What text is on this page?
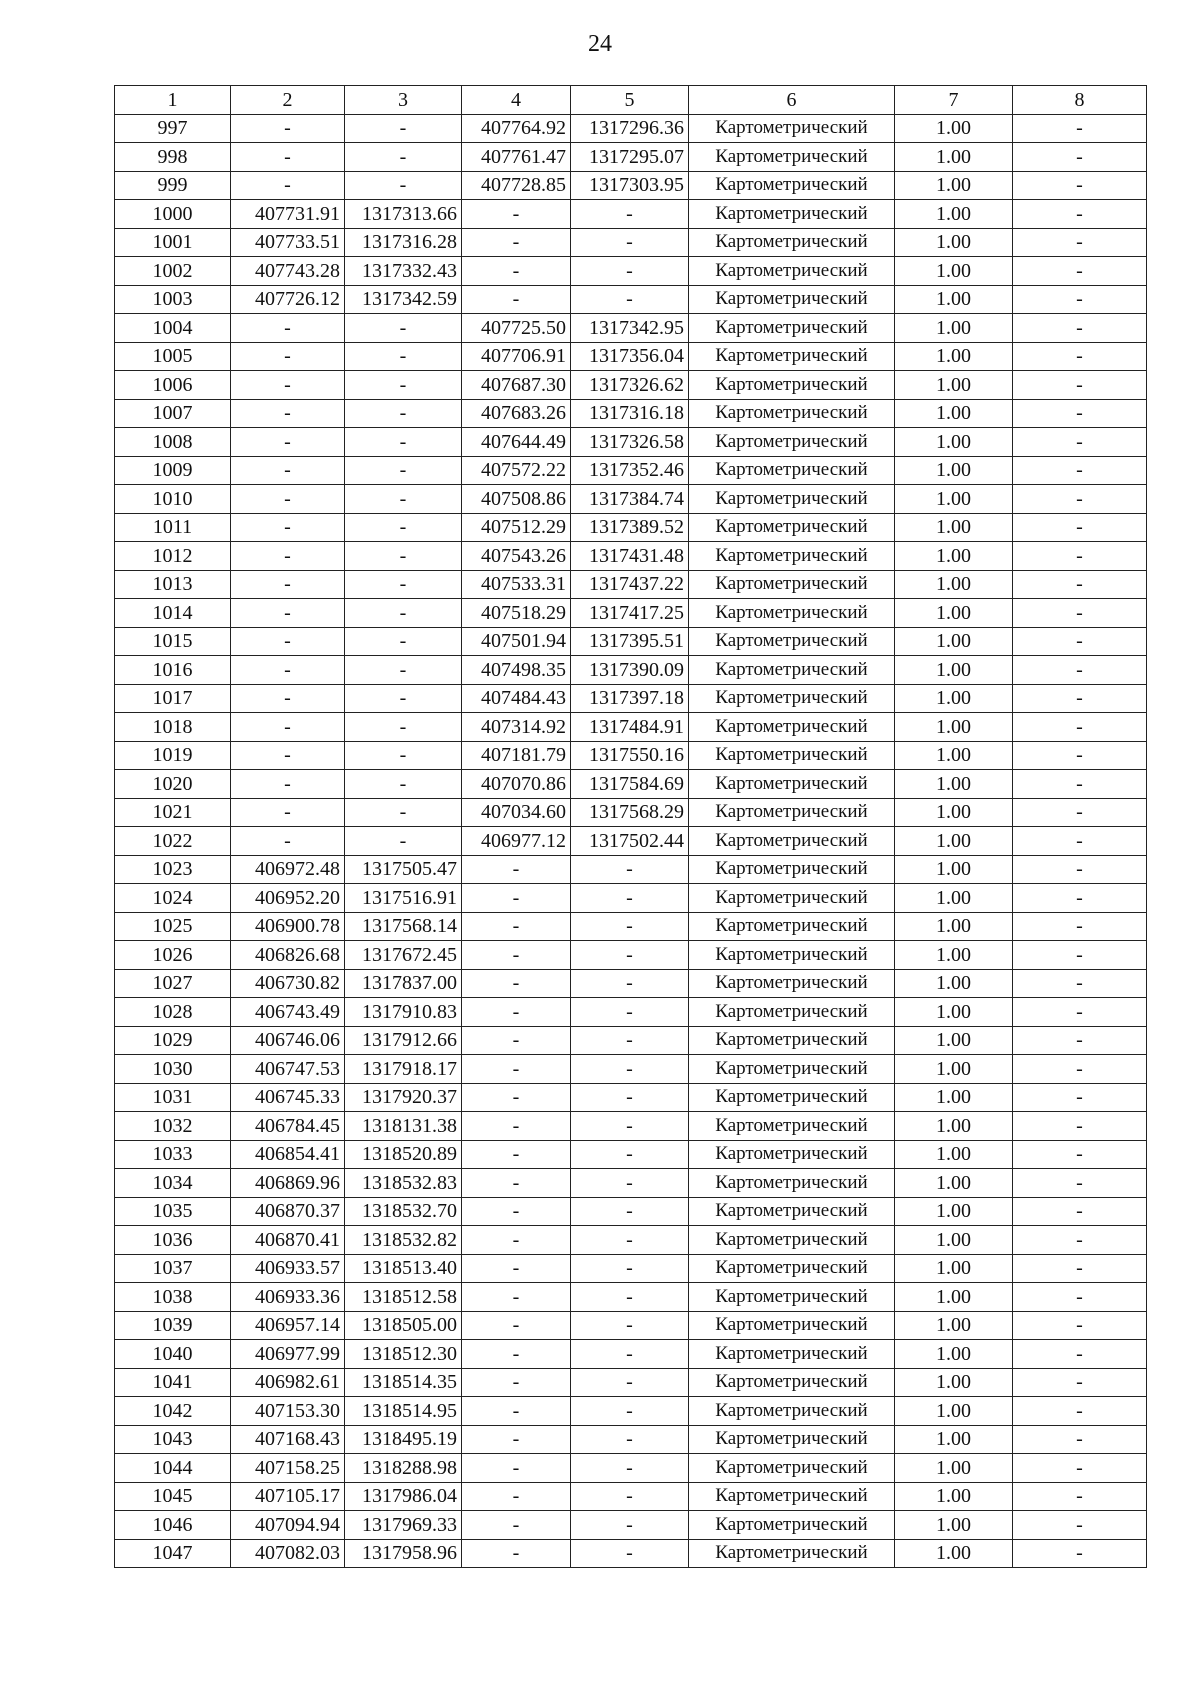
24
1	2	3	4	5	6	7	8
997	-	-	407764.92	1317296.36	Картометрический	1.00	-
998	-	-	407761.47	1317295.07	Картометрический	1.00	-
999	-	-	407728.85	1317303.95	Картометрический	1.00	-
1000	407731.91	1317313.66	-	-	Картометрический	1.00	-
1001	407733.51	1317316.28	-	-	Картометрический	1.00	-
1002	407743.28	1317332.43	-	-	Картометрический	1.00	-
1003	407726.12	1317342.59	-	-	Картометрический	1.00	-
1004	-	-	407725.50	1317342.95	Картометрический	1.00	-
1005	-	-	407706.91	1317356.04	Картометрический	1.00	-
1006	-	-	407687.30	1317326.62	Картометрический	1.00	-
1007	-	-	407683.26	1317316.18	Картометрический	1.00	-
1008	-	-	407644.49	1317326.58	Картометрический	1.00	-
1009	-	-	407572.22	1317352.46	Картометрический	1.00	-
1010	-	-	407508.86	1317384.74	Картометрический	1.00	-
1011	-	-	407512.29	1317389.52	Картометрический	1.00	-
1012	-	-	407543.26	1317431.48	Картометрический	1.00	-
1013	-	-	407533.31	1317437.22	Картометрический	1.00	-
1014	-	-	407518.29	1317417.25	Картометрический	1.00	-
1015	-	-	407501.94	1317395.51	Картометрический	1.00	-
1016	-	-	407498.35	1317390.09	Картометрический	1.00	-
1017	-	-	407484.43	1317397.18	Картометрический	1.00	-
1018	-	-	407314.92	1317484.91	Картометрический	1.00	-
1019	-	-	407181.79	1317550.16	Картометрический	1.00	-
1020	-	-	407070.86	1317584.69	Картометрический	1.00	-
1021	-	-	407034.60	1317568.29	Картометрический	1.00	-
1022	-	-	406977.12	1317502.44	Картометрический	1.00	-
1023	406972.48	1317505.47	-	-	Картометрический	1.00	-
1024	406952.20	1317516.91	-	-	Картометрический	1.00	-
1025	406900.78	1317568.14	-	-	Картометрический	1.00	-
1026	406826.68	1317672.45	-	-	Картометрический	1.00	-
1027	406730.82	1317837.00	-	-	Картометрический	1.00	-
1028	406743.49	1317910.83	-	-	Картометрический	1.00	-
1029	406746.06	1317912.66	-	-	Картометрический	1.00	-
1030	406747.53	1317918.17	-	-	Картометрический	1.00	-
1031	406745.33	1317920.37	-	-	Картометрический	1.00	-
1032	406784.45	1318131.38	-	-	Картометрический	1.00	-
1033	406854.41	1318520.89	-	-	Картометрический	1.00	-
1034	406869.96	1318532.83	-	-	Картометрический	1.00	-
1035	406870.37	1318532.70	-	-	Картометрический	1.00	-
1036	406870.41	1318532.82	-	-	Картометрический	1.00	-
1037	406933.57	1318513.40	-	-	Картометрический	1.00	-
1038	406933.36	1318512.58	-	-	Картометрический	1.00	-
1039	406957.14	1318505.00	-	-	Картометрический	1.00	-
1040	406977.99	1318512.30	-	-	Картометрический	1.00	-
1041	406982.61	1318514.35	-	-	Картометрический	1.00	-
1042	407153.30	1318514.95	-	-	Картометрический	1.00	-
1043	407168.43	1318495.19	-	-	Картометрический	1.00	-
1044	407158.25	1318288.98	-	-	Картометрический	1.00	-
1045	407105.17	1317986.04	-	-	Картометрический	1.00	-
1046	407094.94	1317969.33	-	-	Картометрический	1.00	-
1047	407082.03	1317958.96	-	-	Картометрический	1.00	-
